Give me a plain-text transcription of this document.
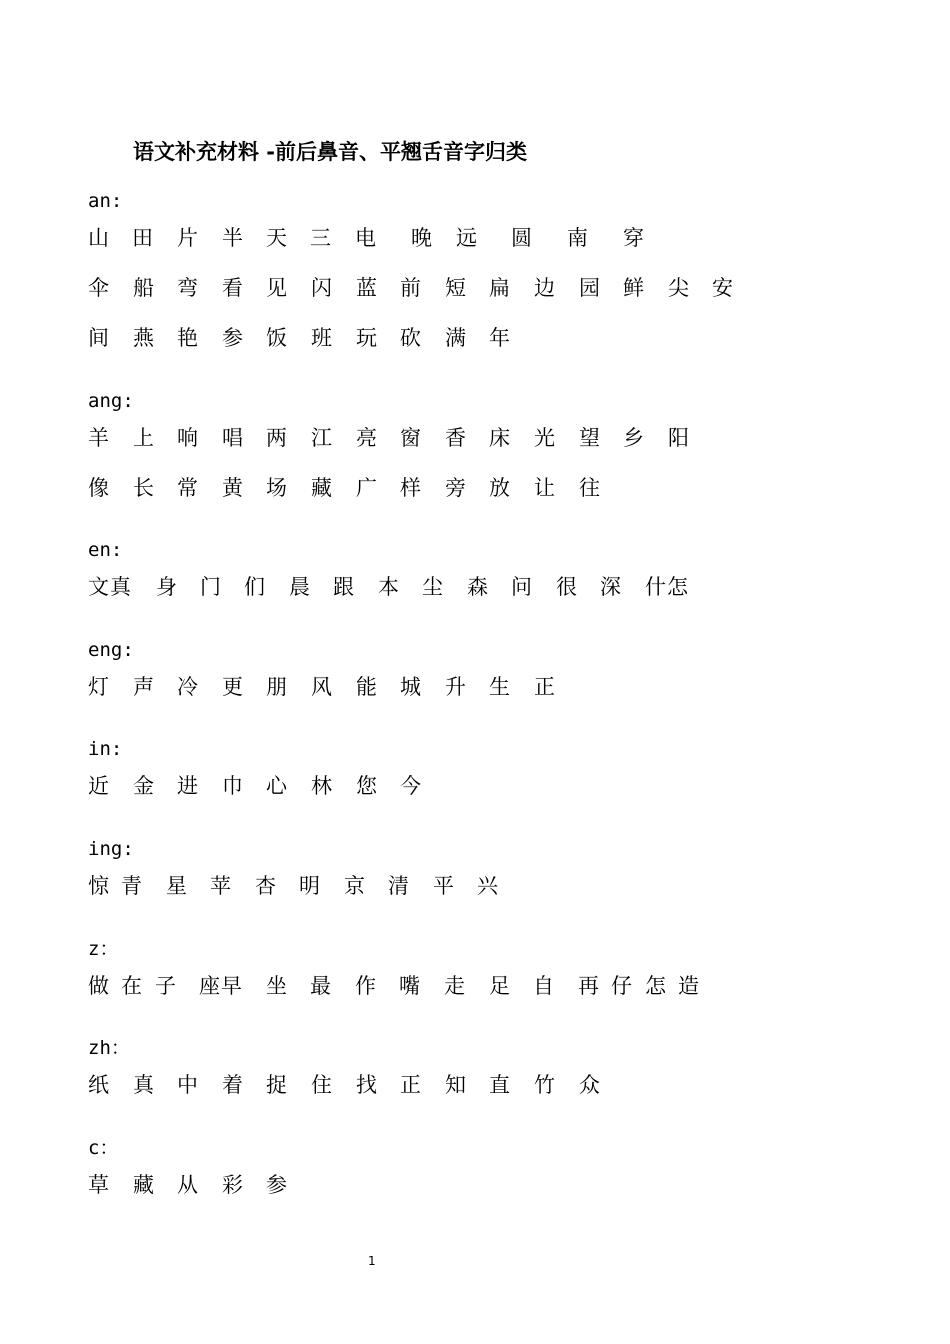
语文补充材料 -前后鼻音、平翘舌音字归类
an:
山 田 片 半 天 三 电 晚 远 圆 南 穿
伞 船 弯 看 见 闪 蓝 前 短 扁 边 园 鲜 尖 安
间 燕 艳 参 饭 班 玩 砍 满 年
ang:
羊 上 响 唱 两 江 亮 窗 香 床 光 望 乡 阳
像 长 常 黄 场 藏 广 样 旁 放 让 往
en:
文 真 身 门 们 晨 跟 本 尘 森 问 很 深 什 怎
eng:
灯 声 冷 更 朋 风 能 城 升 生 正
in:
近 金 进 巾 心 林 您 今
ing:
惊 青 星 苹 杏 明 京 清 平 兴
z：
做 在 子 座 早 坐 最 作 嘴 走 足 自 再 仔 怎 造
zh：
纸 真 中 着 捉 住 找 正 知 直 竹 众
c：
草 藏 从 彩 参
1
